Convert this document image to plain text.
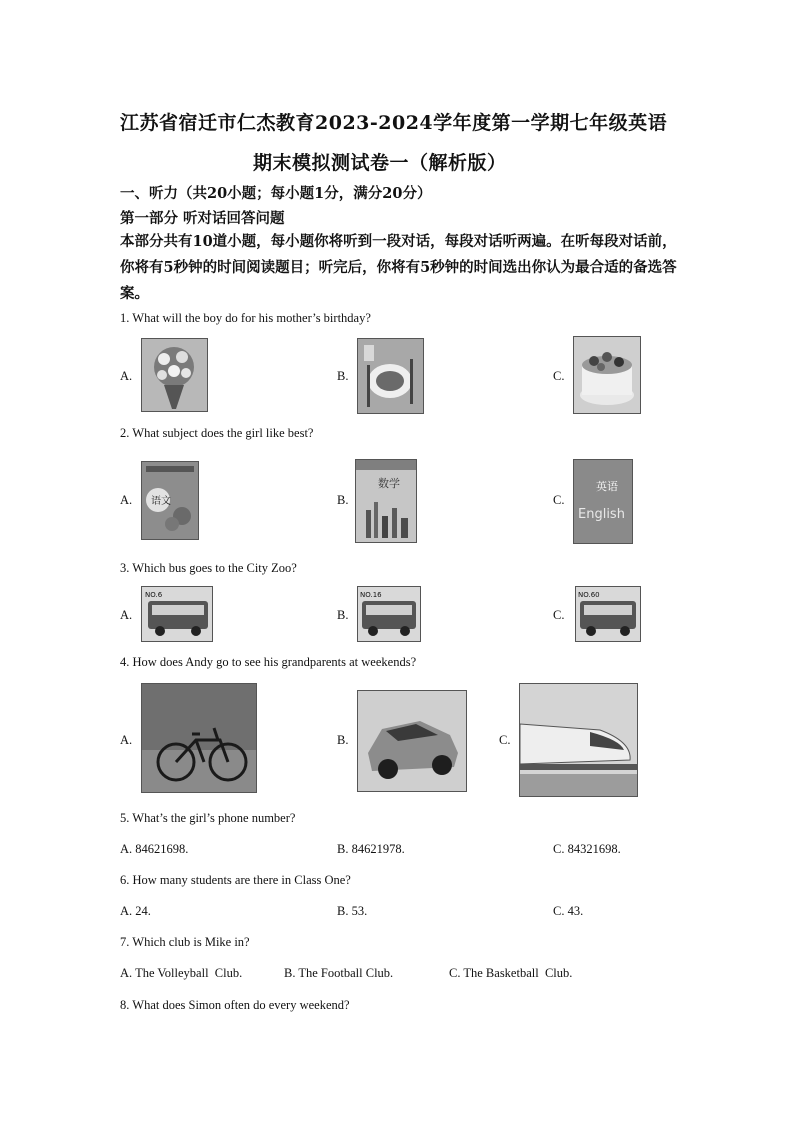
江苏省宿迁市仁杰教育2023-2024学年度第一学期七年级英语
期末模拟测试卷一（解析版）
一、听力（共20小题；每小题1分，满分20分）
第一部分 听对话回答问题
本部分共有10道小题，每小题你将听到一段对话，每段对话听两遍。在听每段对话前，你将有5秒钟的时间阅读题目；听完后，你将有5秒钟的时间选出你认为最合适的备选答案。
1. What will the boy do for his mother’s birthday?
A.	B.	C.
2. What subject does the girl like best?
A. 语文	B.
数学
C.
英语
English
3. Which bus goes to the City Zoo?
A.
NO.6
B.
NO.16
C.
NO.60
4. How does Andy go to see his grandparents at weekends?
A.	B.	C.
5. What’s the girl’s phone number?
A. 84621698.	B. 84621978.	C. 84321698.
6. How many students are there in Class One?
A. 24.	B. 53.	C. 43.
7. Which club is Mike in?
A. The Volleyball  Club.	B. The Football Club.	C. The Basketball  Club.
8. What does Simon often do every weekend?
